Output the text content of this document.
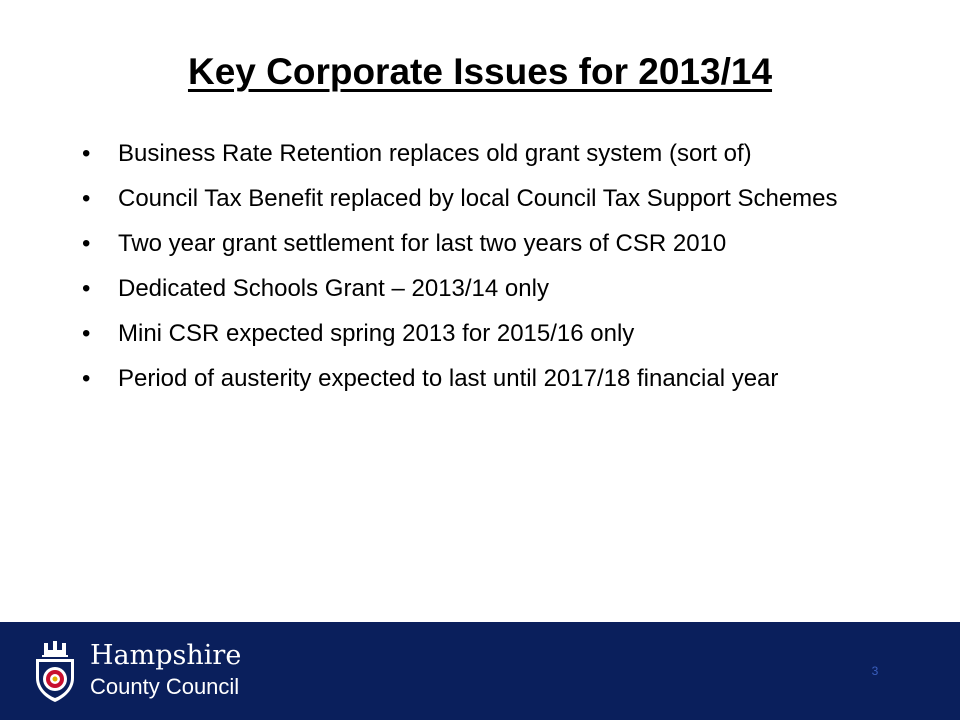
Key Corporate Issues for 2013/14
• Business Rate Retention replaces old grant system (sort of)
• Council Tax Benefit replaced by local Council Tax Support Schemes
• Two year grant settlement for last two years of CSR 2010
• Dedicated Schools Grant – 2013/14 only
• Mini CSR expected spring 2013 for 2015/16 only
• Period of austerity expected to last until 2017/18 financial year
Hampshire
County Council
3
